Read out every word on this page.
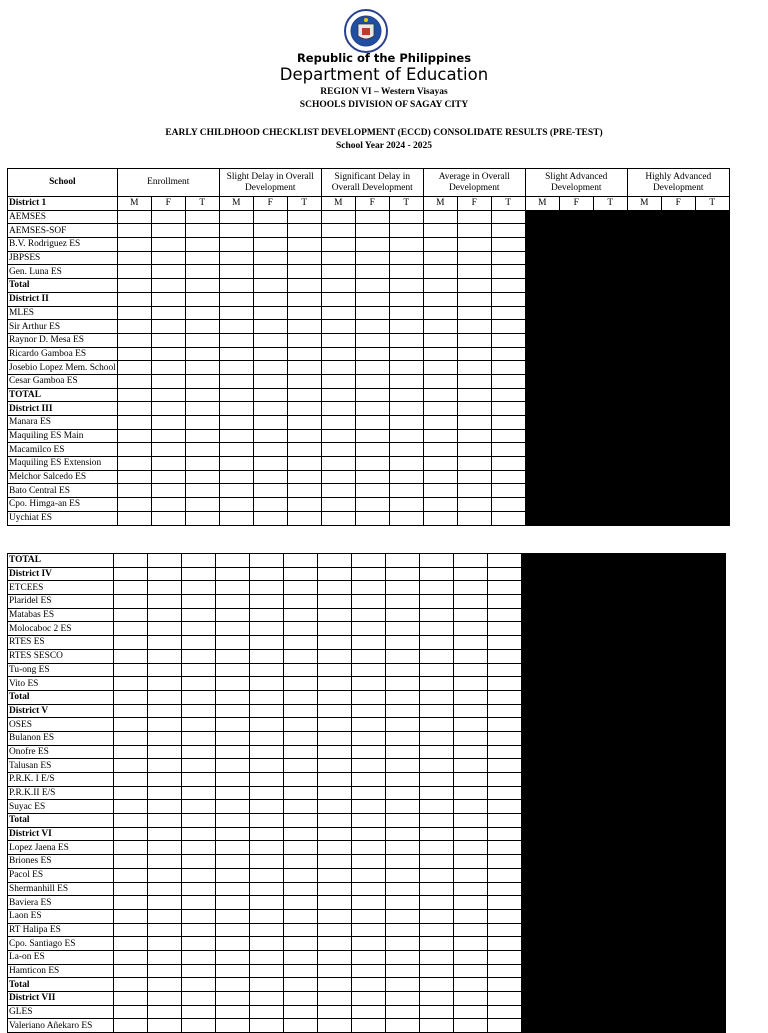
Republic of the Philippines
Department of Education
REGION VI – Western Visayas
SCHOOLS DIVISION OF SAGAY CITY
EARLY CHILDHOOD CHECKLIST DEVELOPMENT (ECCD) CONSOLIDATE RESULTS (PRE-TEST)
School Year 2024 - 2025
School	Enrollment			Slight Delay in Overall Development			Significant Delay in Overall Development			Average in Overall Development			Slight Advanced Development			Highly Advanced Development		
District 1	M	F	T	M	F	T	M	F	T	M	F	T	M	F	T	M	F	T
AEMSES																		
AEMSES-SOF																		
B.V. Rodriguez ES																		
JBPSES																		
Gen. Luna ES																		
Total																		
District II																		
MLES																		
Sir Arthur ES																		
Raynor D. Mesa ES																		
Ricardo Gamboa ES																		
Josebio Lopez Mem. School																		
Cesar Gamboa ES																		
TOTAL																		
District III																		
Manara ES																		
Maquiling ES Main																		
Macamilco ES																		
Maquiling ES Extension																		
Melchor Salcedo ES																		
Bato Central ES																		
Cpo. Himga-an ES																		
Uychiat ES																		
TOTAL																		
District IV																		
ETCEES																		
Plaridel ES																		
Matabas ES																		
Molocaboc 2 ES																		
RTES ES																		
RTES SESCO																		
Tu-ong ES																		
Vito ES																		
Total																		
District V																		
OSES																		
Bulanon ES																		
Onofre ES																		
Talusan ES																		
P.R.K. I E/S																		
P.R.K.II E/S																		
Suyac ES																		
Total																		
District VI																		
Lopez Jaena ES																		
Briones ES																		
Pacol ES																		
Shermanhill ES																		
Baviera ES																		
Laon ES																		
RT Halipa ES																		
Cpo. Santiago ES																		
La-on ES																		
Hamticon ES																		
Total																		
District VII																		
GLES																		
Valeriano Añekaro ES																		
